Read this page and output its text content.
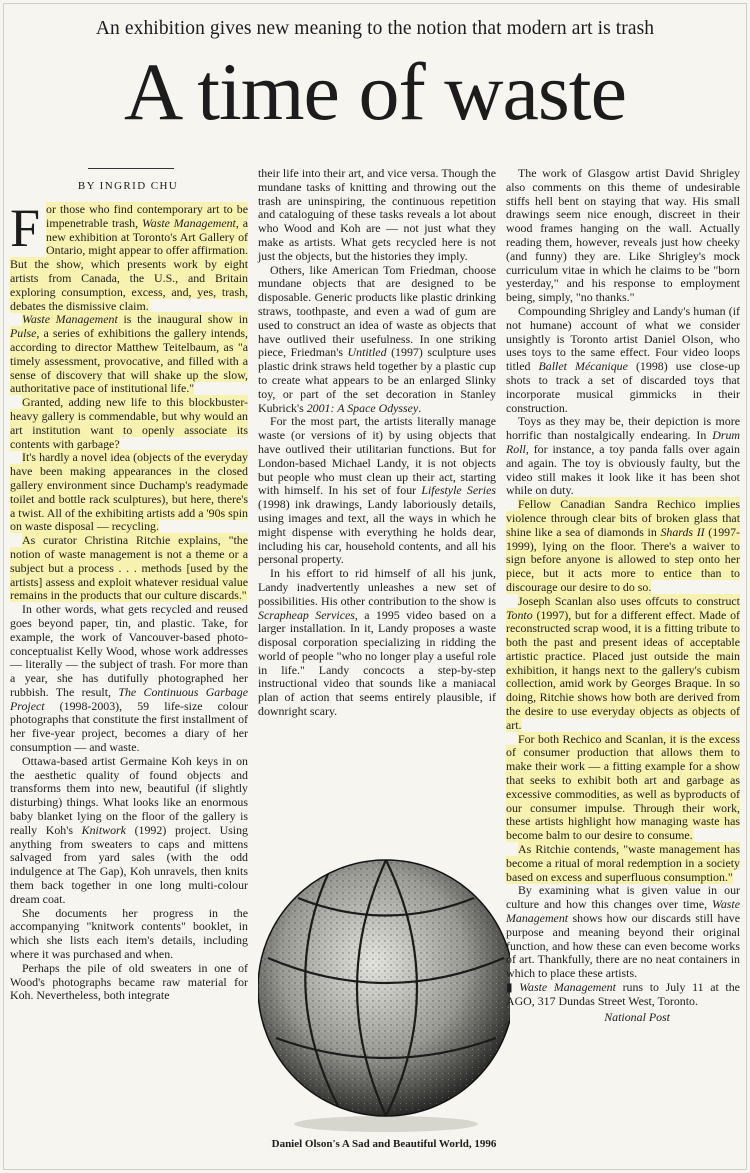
An exhibition gives new meaning to the notion that modern art is trash
A time of waste
BY INGRID CHU

For those who find contemporary art to be impenetrable trash, Waste Management, a new exhibition at Toronto's Art Gallery of Ontario, might appear to offer affirmation. But the show, which presents work by eight artists from Canada, the U.S., and Britain exploring consumption, excess, and, yes, trash, debates the dismissive claim.

Waste Management is the inaugural show in Pulse, a series of exhibitions the gallery intends, according to director Matthew Teitelbaum, as "a timely assessment, provocative, and filled with a sense of discovery that will shake up the slow, authoritative pace of institutional life."

Granted, adding new life to this blockbuster-heavy gallery is commendable, but why would an art institution want to openly associate its contents with garbage?

It's hardly a novel idea (objects of the everyday have been making appearances in the closed gallery environment since Duchamp's readymade toilet and bottle rack sculptures), but here, there's a twist. All of the exhibiting artists add a '90s spin on waste disposal — recycling.

As curator Christina Ritchie explains, "the notion of waste management is not a theme or a subject but a process . . . methods [used by the artists] assess and exploit whatever residual value remains in the products that our culture discards."

In other words, what gets recycled and reused goes beyond paper, tin, and plastic. Take, for example, the work of Vancouver-based photo-conceptualist Kelly Wood, whose work addresses — literally — the subject of trash. For more than a year, she has dutifully photographed her rubbish. The result, The Continuous Garbage Project (1998-2003), 59 life-size colour photographs that constitute the first installment of her five-year project, becomes a diary of her consumption — and waste.

Ottawa-based artist Germaine Koh keys in on the aesthetic quality of found objects and transforms them into new, beautiful (if slightly disturbing) things. What looks like an enormous baby blanket lying on the floor of the gallery is really Koh's Knitwork (1992) project. Using anything from sweaters to caps and mittens salvaged from yard sales (with the odd indulgence at The Gap), Koh unravels, then knits them back together in one long multi-colour dream coat.

She documents her progress in the accompanying "knitwork contents" booklet, in which she lists each item's details, including where it was purchased and when.

Perhaps the pile of old sweaters in one of Wood's photographs became raw material for Koh. Nevertheless, both integrate

their life into their art, and vice versa. Though the mundane tasks of knitting and throwing out the trash are uninspiring, the continuous repetition and cataloguing of these tasks reveals a lot about who Wood and Koh are — not just what they make as artists. What gets recycled here is not just the objects, but the histories they imply.

Others, like American Tom Friedman, choose mundane objects that are designed to be disposable. Generic products like plastic drinking straws, toothpaste, and even a wad of gum are used to construct an idea of waste as objects that have outlived their usefulness. In one striking piece, Friedman's Untitled (1997) sculpture uses plastic drink straws held together by a plastic cup to create what appears to be an enlarged Slinky toy, or part of the set decoration in Stanley Kubrick's 2001: A Space Odyssey.

For the most part, the artists literally manage waste (or versions of it) by using objects that have outlived their utilitarian functions. But for London-based Michael Landy, it is not objects but people who must clean up their act, starting with himself. In his set of four Lifestyle Series (1998) ink drawings, Landy laboriously details, using images and text, all the ways in which he might dispense with everything he holds dear, including his car, household contents, and all his personal property.

In his effort to rid himself of all his junk, Landy inadvertently unleashes a new set of possibilities. His other contribution to the show is Scrapheap Services, a 1995 video based on a larger installation. In it, Landy proposes a waste disposal corporation specializing in ridding the world of people "who no longer play a useful role in life." Landy concocts a step-by-step instructional video that sounds like a maniacal plan of action that seems entirely plausible, if downright scary.

Daniel Olson's A Sad and Beautiful World, 1996

The work of Glasgow artist David Shrigley also comments on this theme of undesirable stiffs hell bent on staying that way. His small drawings seem nice enough, discreet in their wood frames hanging on the wall. Actually reading them, however, reveals just how cheeky (and funny) they are. Like Shrigley's mock curriculum vitae in which he claims to be "born yesterday," and his response to employment being, simply, "no thanks."

Compounding Shrigley and Landy's human (if not humane) account of what we consider unsightly is Toronto artist Daniel Olson, who uses toys to the same effect. Four video loops titled Ballet Mécanique (1998) use close-up shots to track a set of discarded toys that incorporate musical gimmicks in their construction.

Toys as they may be, their depiction is more horrific than nostalgically endearing. In Drum Roll, for instance, a toy panda falls over again and again. The toy is obviously faulty, but the video still makes it look like it has been shot while on duty.

Fellow Canadian Sandra Rechico implies violence through clear bits of broken glass that shine like a sea of diamonds in Shards II (1997-1999), lying on the floor. There's a waiver to sign before anyone is allowed to step onto her piece, but it acts more to entice than to discourage our desire to do so.

Joseph Scanlan also uses offcuts to construct Tonto (1997), but for a different effect. Made of reconstructed scrap wood, it is a fitting tribute to both the past and present ideas of acceptable artistic practice. Placed just outside the main exhibition, it hangs next to the gallery's cubism collection, amid work by Georges Braque. In so doing, Ritchie shows how both are derived from the desire to use everyday objects as objects of art.

For both Rechico and Scanlan, it is the excess of consumer production that allows them to make their work — a fitting example for a show that seeks to exhibit both art and garbage as excessive commodities, as well as byproducts of our consumer impulse. Through their work, these artists highlight how managing waste has become balm to our desire to consume.

As Ritchie contends, "waste management has become a ritual of moral redemption in a society based on excess and superfluous consumption."

By examining what is given value in our culture and how this changes over time, Waste Management shows how our discards still have purpose and meaning beyond their original function, and how these can even become works of art. Thankfully, there are no neat containers in which to place these artists.

▮ Waste Management runs to July 11 at the AGO, 317 Dundas Street West, Toronto.

National Post
